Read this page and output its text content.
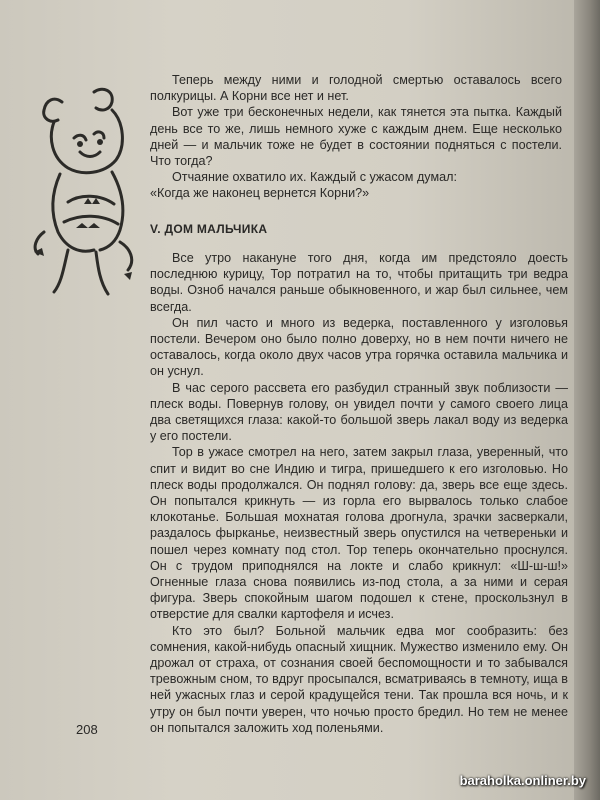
Теперь между ними и голодной смертью оставалось всего полкурицы. А Корни все нет и нет.

Вот уже три бесконечных недели, как тянется эта пытка. Каждый день все то же, лишь немного хуже с каждым днем. Еще несколько дней — и мальчик тоже не будет в состоянии подняться с постели. Что тогда?

Отчаяние охватило их. Каждый с ужасом думал:

«Когда же наконец вернется Корни?»

V. ДОМ МАЛЬЧИКА

Все утро накануне того дня, когда им предстояло доесть последнюю курицу, Тор потратил на то, чтобы притащить три ведра воды. Озноб начался раньше обыкновенного, и жар был сильнее, чем всегда.

Он пил часто и много из ведерка, поставленного у изголовья постели. Вечером оно было полно доверху, но в нем почти ничего не оставалось, когда около двух часов утра горячка оставила мальчика и он уснул.

В час серого рассвета его разбудил странный звук поблизости — плеск воды. Повернув голову, он увидел почти у самого своего лица два светящихся глаза: какой-то большой зверь лакал воду из ведерка у его постели.

Тор в ужасе смотрел на него, затем закрыл глаза, уверенный, что спит и видит во сне Индию и тигра, пришедшего к его изголовью. Но плеск воды продолжался. Он поднял голову: да, зверь все еще здесь. Он попытался крикнуть — из горла его вырвалось только слабое клокотанье. Большая мохнатая голова дрогнула, зрачки засверкали, раздалось фырканье, неизвестный зверь опустился на четвереньки и пошел через комнату под стол. Тор теперь окончательно проснулся. Он с трудом приподнялся на локте и слабо крикнул: «Ш-ш-ш!» Огненные глаза снова появились из-под стола, а за ними и серая фигура. Зверь спокойным шагом подошел к стене, проскользнул в отверстие для свалки картофеля и исчез.

Кто это был? Больной мальчик едва мог сообразить: без сомнения, какой-нибудь опасный хищник. Мужество изменило ему. Он дрожал от страха, от сознания своей беспомощности и то забывался тревожным сном, то вдруг просыпался, всматриваясь в темноту, ища в ней ужасных глаз и серой крадущейся тени. Так прошла вся ночь, и к утру он был почти уверен, что ночью просто бредил. Но тем не менее он попытался заложить ход поленьями.

208
baraholka.onliner.by
